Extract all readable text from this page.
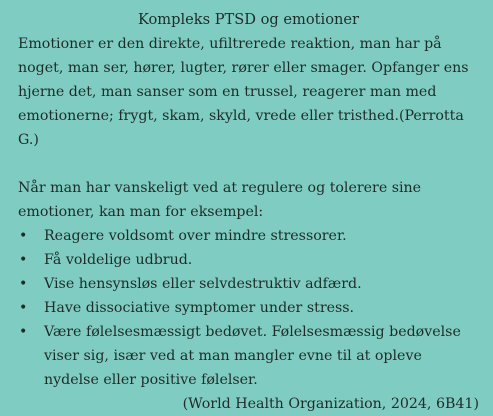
Kompleks PTSD og emotioner

Emotioner er den direkte, ufiltrerede reaktion, man har på noget, man ser, hører, lugter, rører eller smager. Opfanger ens hjerne det, man sanser som en trussel, reagerer man med emotionerne; frygt, skam, skyld, vrede eller tristhed.(Perrotta G.)

Når man har vanskeligt ved at regulere og tolerere sine emotioner, kan man for eksempel:

• Reagere voldsomt over mindre stressorer.
• Få voldelige udbrud.
• Vise hensynsløs eller selvdestruktiv adfærd.
• Have dissociative symptomer under stress.
• Være følelsesmæssigt bedøvet. Følelsesmæssig bedøvelse viser sig, især ved at man mangler evne til at opleve nydelse eller positive følelser.

(World Health Organization, 2024, 6B41)
